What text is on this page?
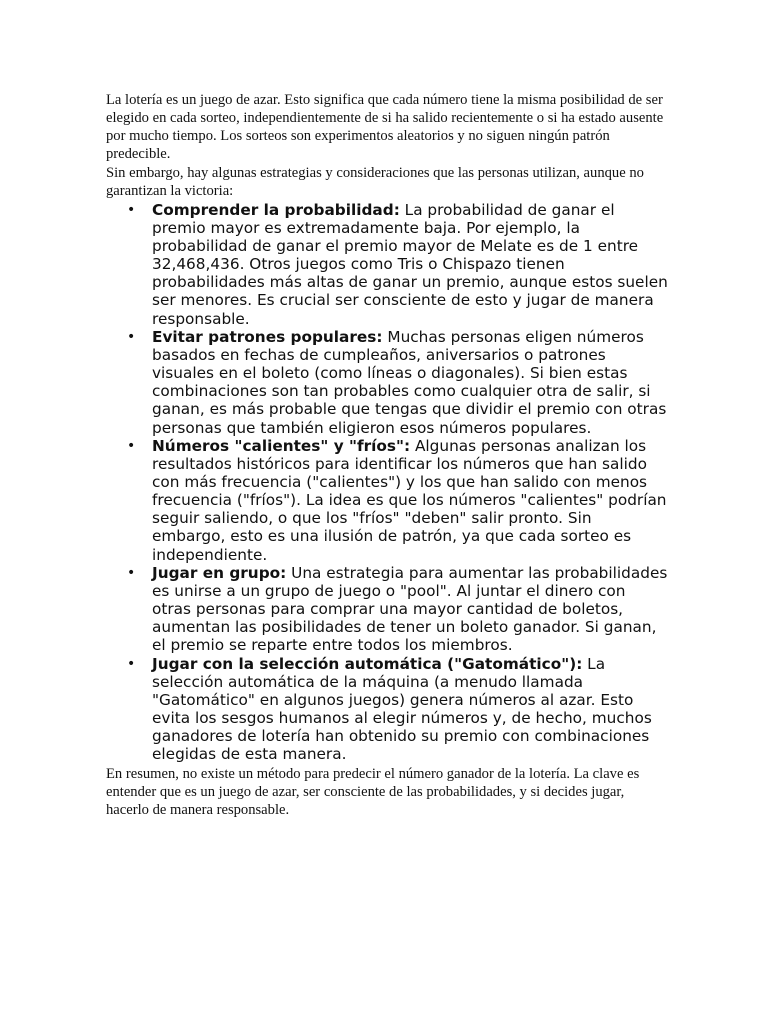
La lotería es un juego de azar. Esto significa que cada número tiene la misma posibilidad de ser elegido en cada sorteo, independientemente de si ha salido recientemente o si ha estado ausente por mucho tiempo. Los sorteos son experimentos aleatorios y no siguen ningún patrón predecible.

Sin embargo, hay algunas estrategias y consideraciones que las personas utilizan, aunque no garantizan la victoria:

• Comprender la probabilidad: La probabilidad de ganar el premio mayor es extremadamente baja. Por ejemplo, la probabilidad de ganar el premio mayor de Melate es de 1 entre 32,468,436. Otros juegos como Tris o Chispazo tienen probabilidades más altas de ganar un premio, aunque estos suelen ser menores. Es crucial ser consciente de esto y jugar de manera responsable.
• Evitar patrones populares: Muchas personas eligen números basados en fechas de cumpleaños, aniversarios o patrones visuales en el boleto (como líneas o diagonales). Si bien estas combinaciones son tan probables como cualquier otra de salir, si ganan, es más probable que tengas que dividir el premio con otras personas que también eligieron esos números populares.
• Números "calientes" y "fríos": Algunas personas analizan los resultados históricos para identificar los números que han salido con más frecuencia ("calientes") y los que han salido con menos frecuencia ("fríos"). La idea es que los números "calientes" podrían seguir saliendo, o que los "fríos" "deben" salir pronto. Sin embargo, esto es una ilusión de patrón, ya que cada sorteo es independiente.
• Jugar en grupo: Una estrategia para aumentar las probabilidades es unirse a un grupo de juego o "pool". Al juntar el dinero con otras personas para comprar una mayor cantidad de boletos, aumentan las posibilidades de tener un boleto ganador. Si ganan, el premio se reparte entre todos los miembros.
• Jugar con la selección automática ("Gatomático"): La selección automática de la máquina (a menudo llamada "Gatomático" en algunos juegos) genera números al azar. Esto evita los sesgos humanos al elegir números y, de hecho, muchos ganadores de lotería han obtenido su premio con combinaciones elegidas de esta manera.

En resumen, no existe un método para predecir el número ganador de la lotería. La clave es entender que es un juego de azar, ser consciente de las probabilidades, y si decides jugar, hacerlo de manera responsable.
